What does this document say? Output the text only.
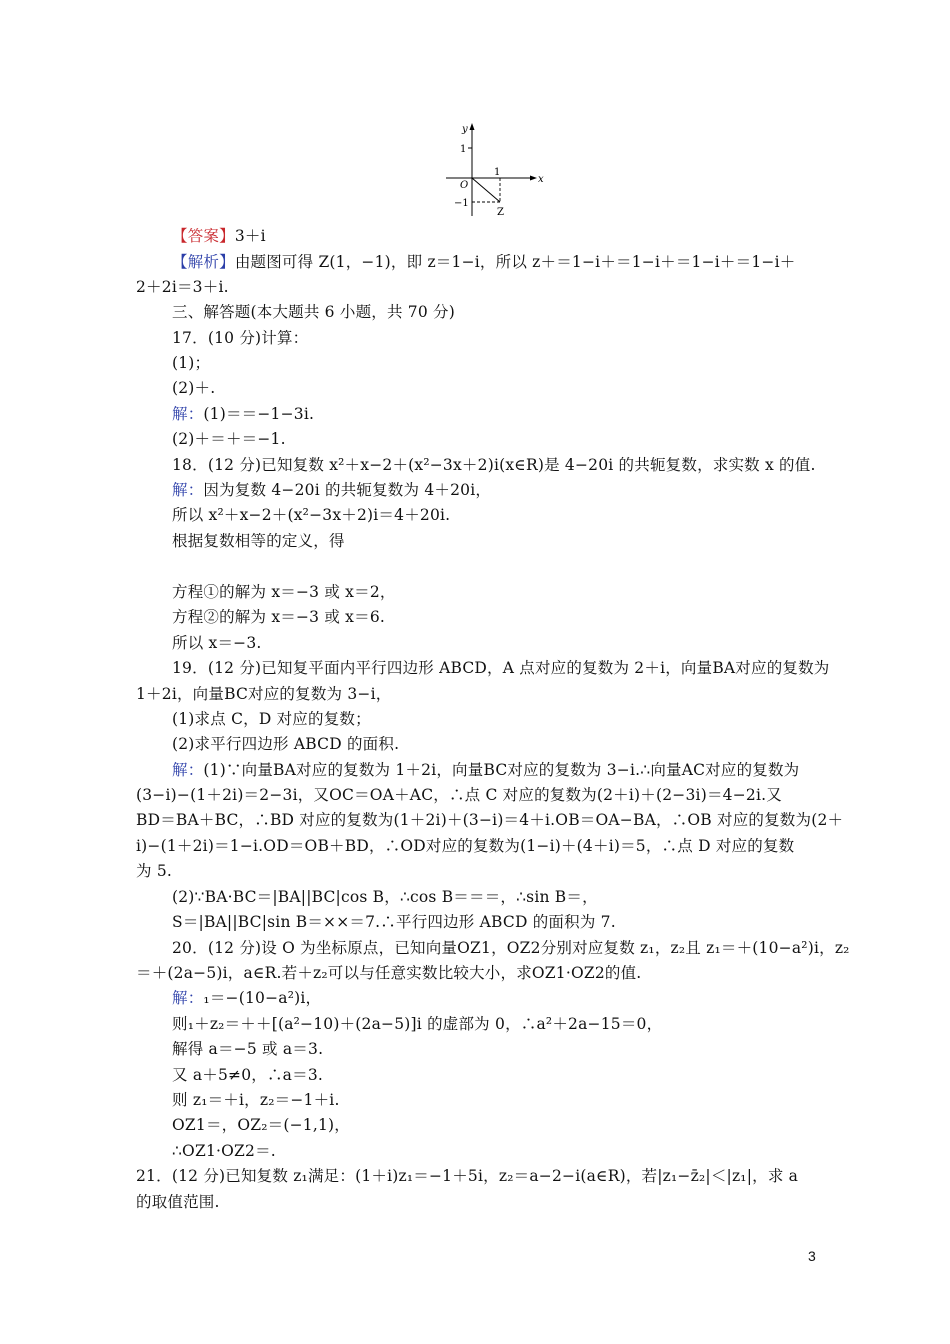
y
x
O
1
−1
1
Z
【答案】3＋i
【解析】由题图可得 Z(1，−1)，即 z＝1−i，所以 z＋＝1−i＋＝1−i＋＝1−i＋＝1−i＋
2＋2i＝3＋i.
三、解答题(本大题共 6 小题，共 70 分)
17．(10 分)计算：
(1)；
(2)＋.
解：(1)＝＝−1−3i.
(2)＋＝＋＝−1.
18．(12 分)已知复数 x²＋x−2＋(x²−3x＋2)i(x∈R)是 4−20i 的共轭复数，求实数 x 的值.
解：因为复数 4−20i 的共轭复数为 4＋20i，
所以 x²＋x−2＋(x²−3x＋2)i＝4＋20i.
根据复数相等的定义，得
方程①的解为 x＝−3 或 x＝2，
方程②的解为 x＝−3 或 x＝6.
所以 x＝−3.
19．(12 分)已知复平面内平行四边形 ABCD，A 点对应的复数为 2＋i，向量BA对应的复数为
1＋2i，向量BC对应的复数为 3−i，
(1)求点 C，D 对应的复数；
(2)求平行四边形 ABCD 的面积.
解：(1)∵向量BA对应的复数为 1＋2i，向量BC对应的复数为 3−i.∴向量AC对应的复数为
(3−i)−(1＋2i)＝2−3i，又OC＝OA＋AC，∴点 C 对应的复数为(2＋i)＋(2−3i)＝4−2i.又
BD＝BA＋BC，∴BD 对应的复数为(1＋2i)＋(3−i)＝4＋i.OB＝OA−BA，∴OB 对应的复数为(2＋
i)−(1＋2i)＝1−i.OD＝OB＋BD，∴OD对应的复数为(1−i)＋(4＋i)＝5，∴点 D 对应的复数
为 5.
(2)∵BA·BC＝|BA||BC|cos B，∴cos B＝＝＝，∴sin B＝，
S＝|BA||BC|sin B＝××＝7.∴平行四边形 ABCD 的面积为 7.
20．(12 分)设 O 为坐标原点，已知向量OZ1，OZ2分别对应复数 z₁，z₂且 z₁＝＋(10−a²)i，z₂
＝＋(2a−5)i，a∈R.若＋z₂可以与任意实数比较大小，求OZ1·OZ2的值.
解：₁＝−(10−a²)i，
则₁＋z₂＝＋＋[(a²−10)＋(2a−5)]i 的虚部为 0，∴a²＋2a−15＝0，
解得 a＝−5 或 a＝3.
又 a＋5≠0，∴a＝3.
则 z₁＝＋i，z₂＝−1＋i.
OZ1＝，OZ₂＝(−1,1)，
∴OZ1·OZ2＝.
21．(12 分)已知复数 z₁满足：(1＋i)z₁＝−1＋5i，z₂＝a−2−i(a∈R)，若|z₁−z̄₂|＜|z₁|，求 a
的取值范围.
3
